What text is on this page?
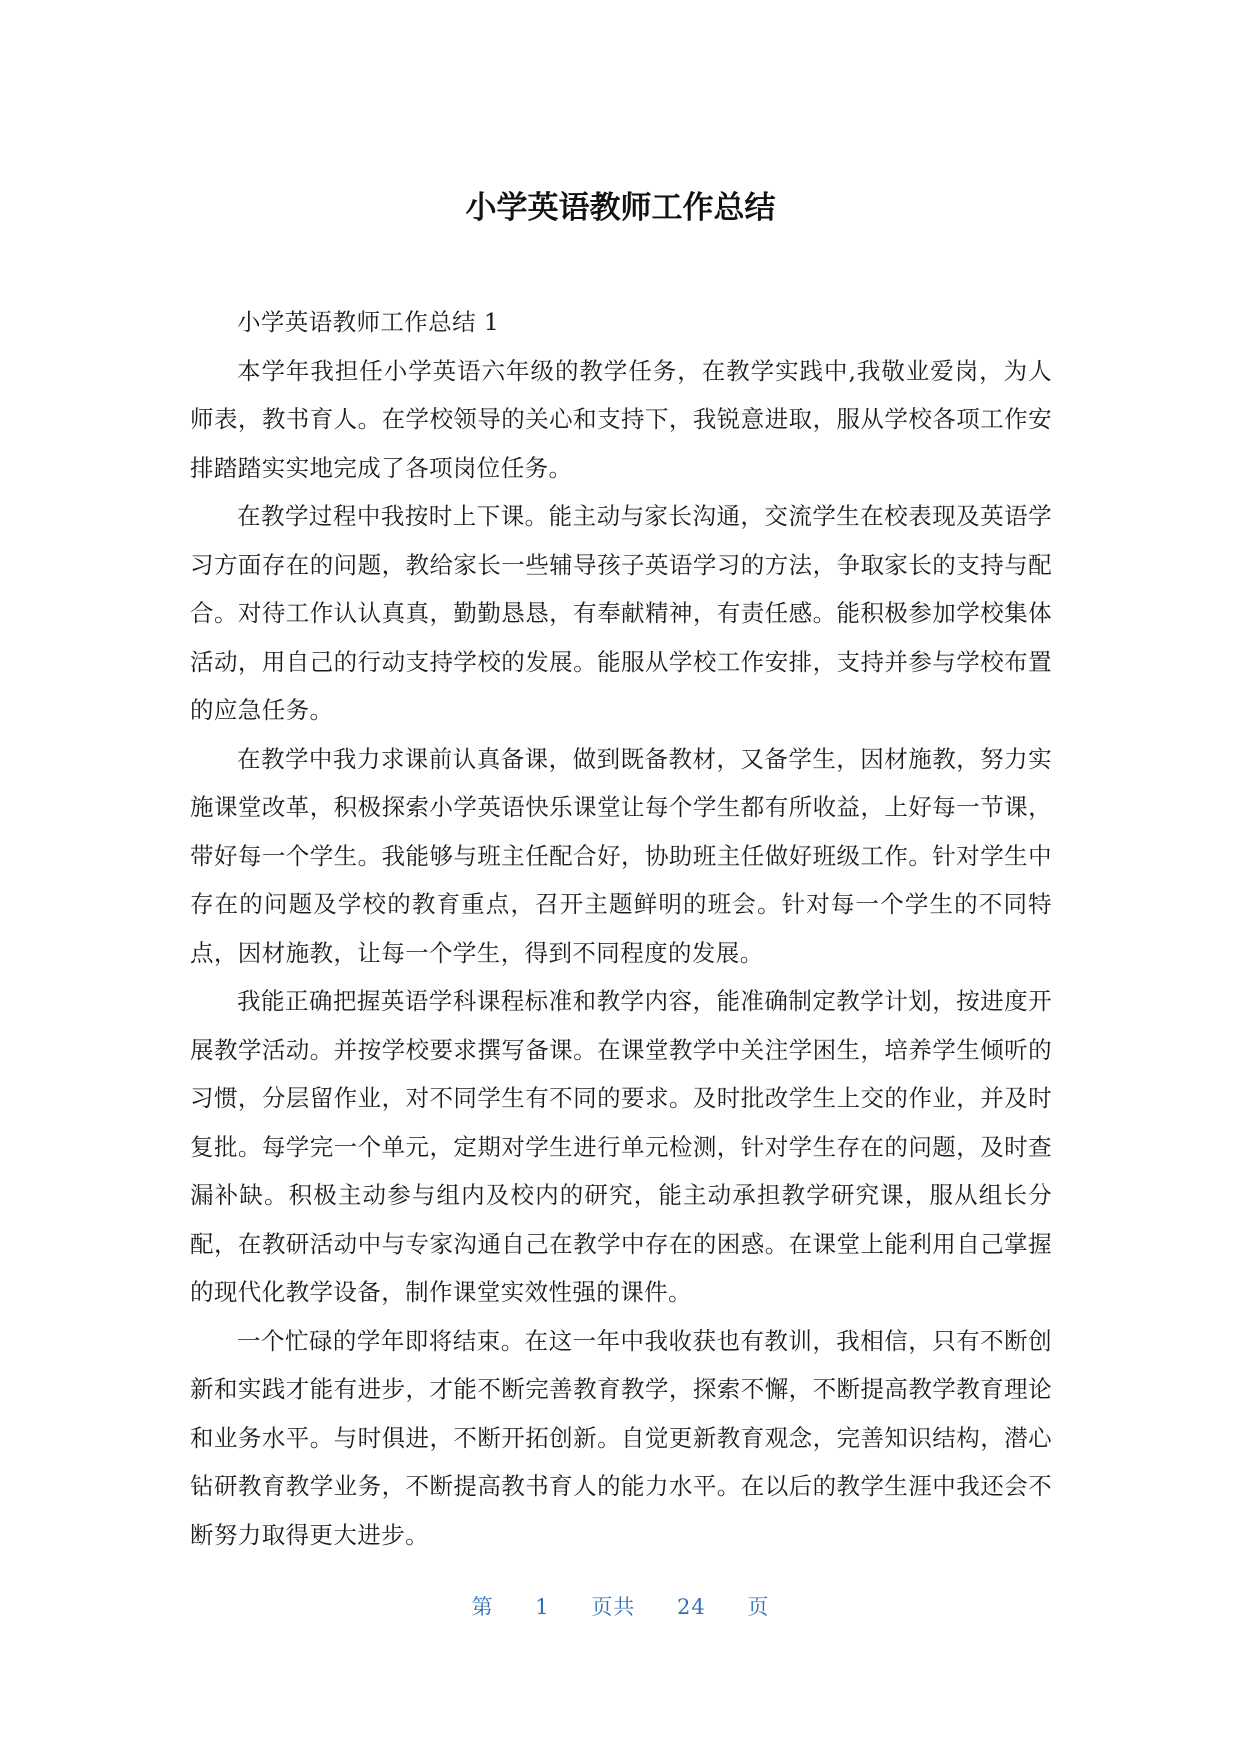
小学英语教师工作总结

小学英语教师工作总结 1

本学年我担任小学英语六年级的教学任务，在教学实践中,我敬业爱岗，为人师表，教书育人。在学校领导的关心和支持下，我锐意进取，服从学校各项工作安排踏踏实实地完成了各项岗位任务。

在教学过程中我按时上下课。能主动与家长沟通，交流学生在校表现及英语学习方面存在的问题，教给家长一些辅导孩子英语学习的方法，争取家长的支持与配合。对待工作认认真真，勤勤恳恳，有奉献精神，有责任感。能积极参加学校集体活动，用自己的行动支持学校的发展。能服从学校工作安排，支持并参与学校布置的应急任务。

在教学中我力求课前认真备课，做到既备教材，又备学生，因材施教，努力实施课堂改革，积极探索小学英语快乐课堂让每个学生都有所收益，上好每一节课，带好每一个学生。我能够与班主任配合好，协助班主任做好班级工作。针对学生中存在的问题及学校的教育重点，召开主题鲜明的班会。针对每一个学生的不同特点，因材施教，让每一个学生，得到不同程度的发展。

我能正确把握英语学科课程标准和教学内容，能准确制定教学计划，按进度开展教学活动。并按学校要求撰写备课。在课堂教学中关注学困生，培养学生倾听的习惯，分层留作业，对不同学生有不同的要求。及时批改学生上交的作业，并及时复批。每学完一个单元，定期对学生进行单元检测，针对学生存在的问题，及时查漏补缺。积极主动参与组内及校内的研究，能主动承担教学研究课，服从组长分配，在教研活动中与专家沟通自己在教学中存在的困惑。在课堂上能利用自己掌握的现代化教学设备，制作课堂实效性强的课件。

一个忙碌的学年即将结束。在这一年中我收获也有教训，我相信，只有不断创新和实践才能有进步，才能不断完善教育教学，探索不懈，不断提高教学教育理论和业务水平。与时俱进，不断开拓创新。自觉更新教育观念，完善知识结构，潜心钻研教育教学业务，不断提高教书育人的能力水平。在以后的教学生涯中我还会不断努力取得更大进步。

第 1 页共 24 页
